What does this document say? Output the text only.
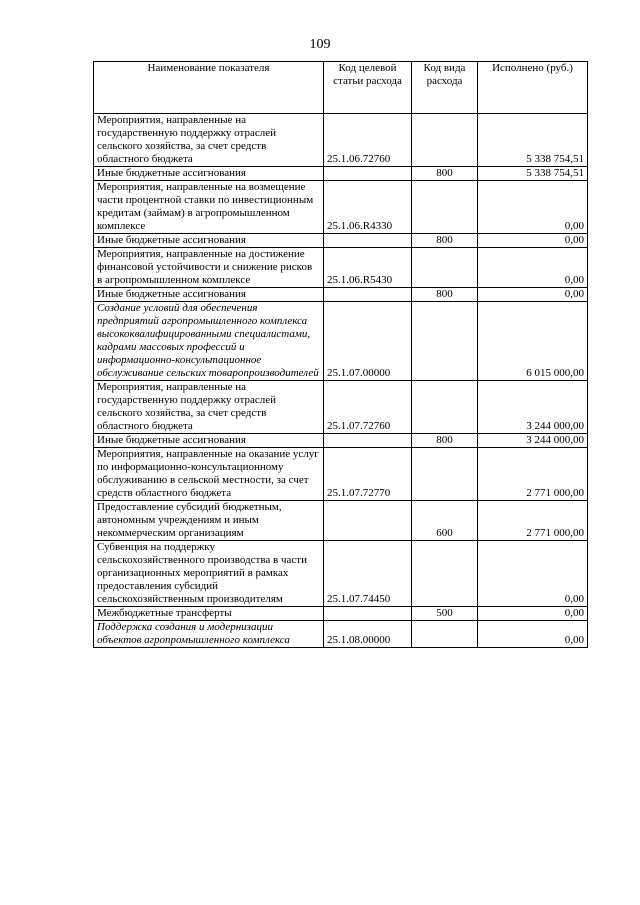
109
Наименование показателя	Код целевой статьи расхода	Код вида расхода	Исполнено (руб.)
Мероприятия, направленные на государственную поддержку отраслей сельского хозяйства, за счет средств областного бюджета	25.1.06.72760		5 338 754,51
Иные бюджетные ассигнования		800	5 338 754,51
Мероприятия, направленные на возмещение части процентной ставки по инвестиционным кредитам (займам) в агропромышленном комплексе	25.1.06.R4330		0,00
Иные бюджетные ассигнования		800	0,00
Мероприятия, направленные на достижение финансовой устойчивости и снижение рисков в агропромышленном комплексе	25.1.06.R5430		0,00
Иные бюджетные ассигнования		800	0,00
Создание условий для обеспечения предприятий агропромышленного комплекса высококвалифицированными специалистами, кадрами массовых профессий и информационно-консультационное обслуживание сельских товаропроизводителей	25.1.07.00000		6 015 000,00
Мероприятия, направленные на государственную поддержку отраслей сельского хозяйства, за счет средств областного бюджета	25.1.07.72760		3 244 000,00
Иные бюджетные ассигнования		800	3 244 000,00
Мероприятия, направленные на оказание услуг по информационно-консультационному обслуживанию в сельской местности, за счет средств областного бюджета	25.1.07.72770		2 771 000,00
Предоставление субсидий бюджетным, автономным учреждениям и иным некоммерческим организациям		600	2 771 000,00
Субвенция на поддержку сельскохозяйственного производства в части организационных мероприятий в рамках предоставления субсидий сельскохозяйственным производителям	25.1.07.74450		0,00
Межбюджетные трансферты		500	0,00
Поддержка создания и модернизации объектов агропромышленного комплекса	25.1.08.00000		0,00
